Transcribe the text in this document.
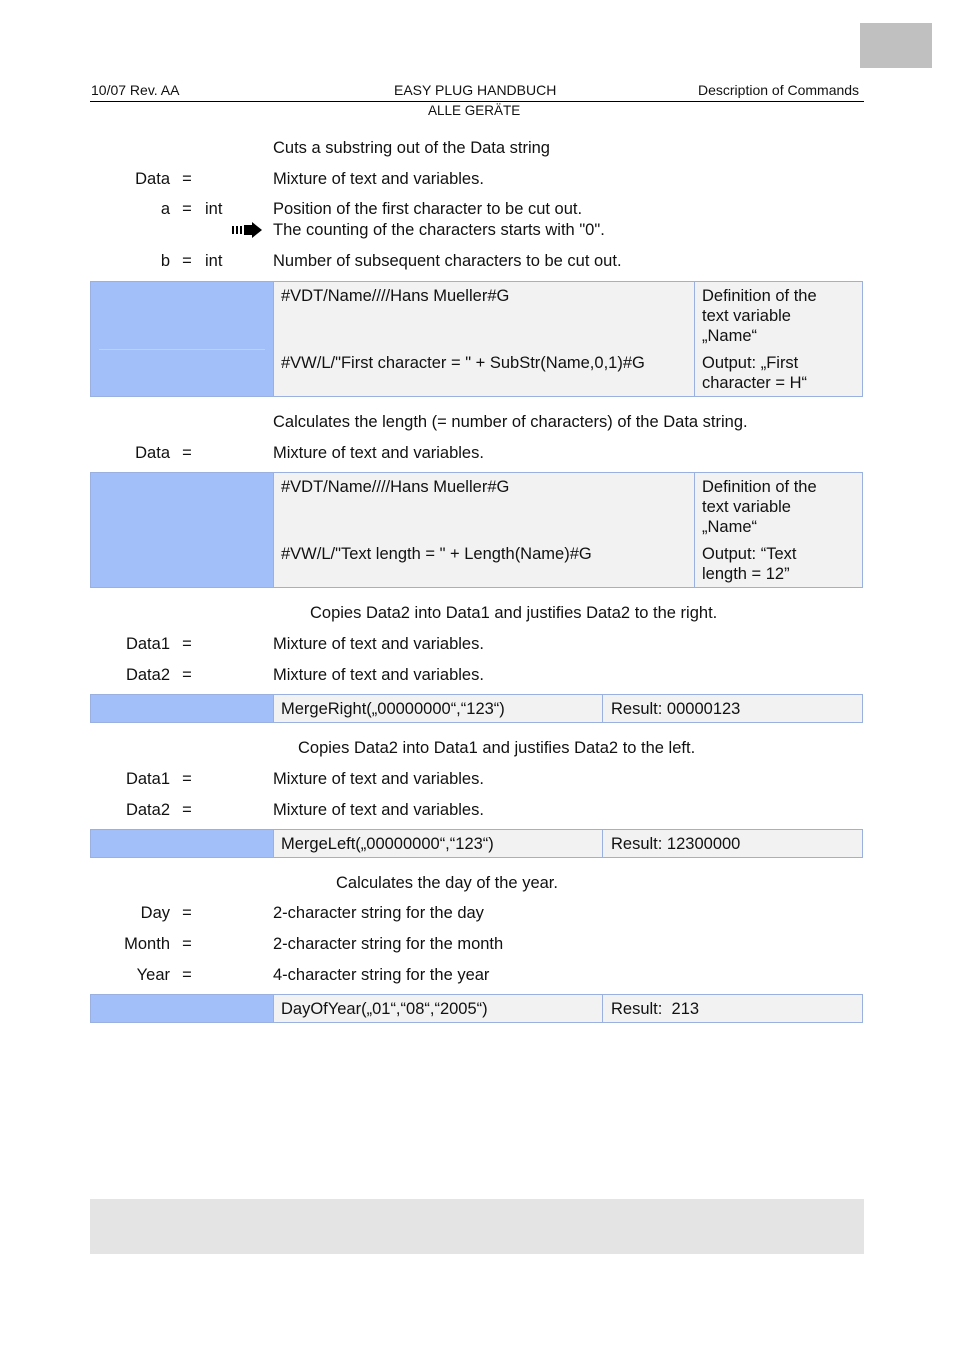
10/07 Rev. AA	EASY PLUG HANDBUCH	Description of Commands
ALLE GERÄTE
Cuts a substring out of the Data string
Data =	Mixture of text and variables.
a = int	Position of the first character to be cut out.
The counting of the characters starts with "0".
b = int	Number of subsequent characters to be cut out.
#VDT/Name////Hans Mueller#G	Definition of the
text variable
„Name“
#VW/L/"First character = " + SubStr(Name,0,1)#G	Output: „First
character = H“
Calculates the length (= number of characters) of the Data string.
Data =	Mixture of text and variables.
#VDT/Name////Hans Mueller#G	Definition of the
text variable
„Name“
#VW/L/"Text length = " + Length(Name)#G	Output: “Text
length = 12”
Copies Data2 into Data1 and justifies Data2 to the right.
Data1 =	Mixture of text and variables.
Data2 =	Mixture of text and variables.
MergeRight(„00000000“,“123“)	Result: 00000123
Copies Data2 into Data1 and justifies Data2 to the left.
Data1 =	Mixture of text and variables.
Data2 =	Mixture of text and variables.
MergeLeft(„00000000“,“123“)	Result: 12300000
Calculates the day of the year.
Day =	2-character string for the day
Month =	2-character string for the month
Year =	4-character string for the year
DayOfYear(„01“,“08“,“2005“)	Result:  213
